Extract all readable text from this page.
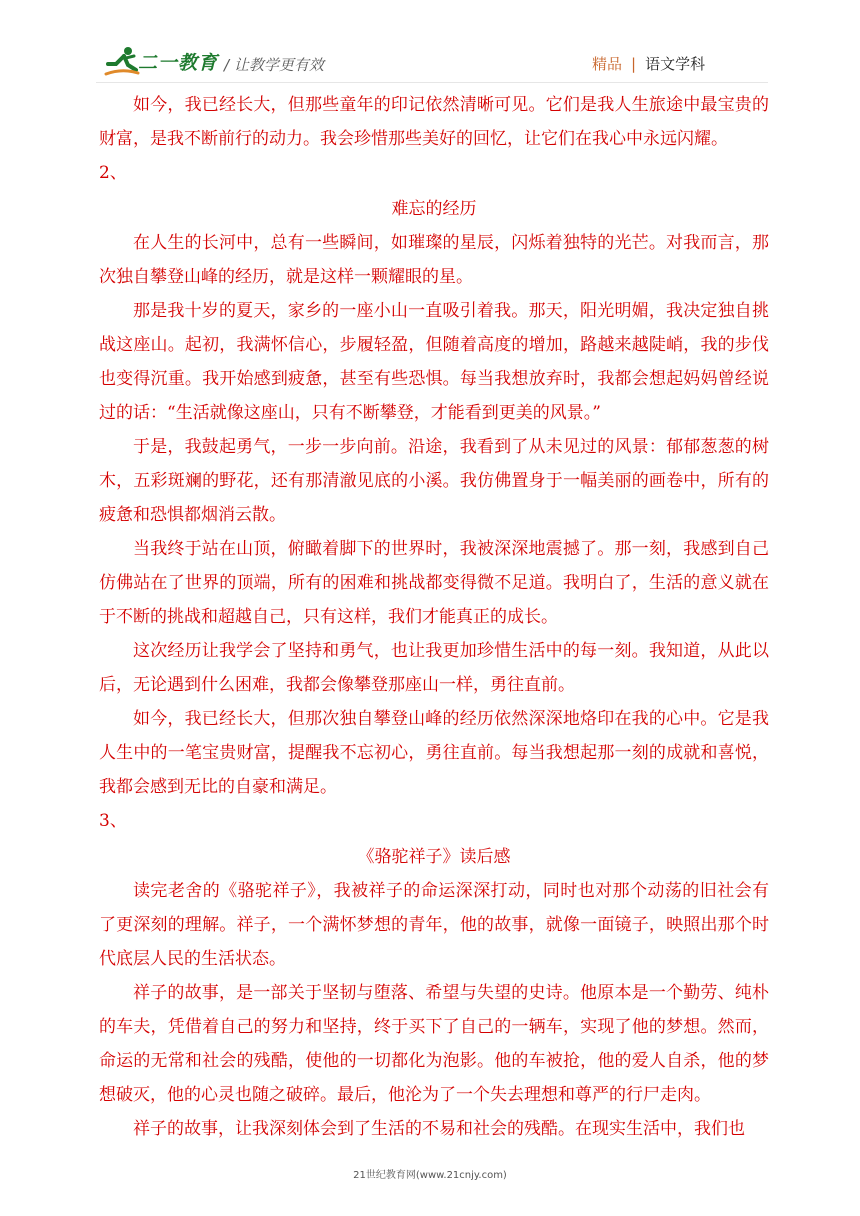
二一教育 / 让教学更有效	精品 | 语文学科

如今，我已经长大，但那些童年的印记依然清晰可见。它们是我人生旅途中最宝贵的财富，是我不断前行的动力。我会珍惜那些美好的回忆，让它们在我心中永远闪耀。

2、

难忘的经历

在人生的长河中，总有一些瞬间，如璀璨的星辰，闪烁着独特的光芒。对我而言，那次独自攀登山峰的经历，就是这样一颗耀眼的星。

那是我十岁的夏天，家乡的一座小山一直吸引着我。那天，阳光明媚，我决定独自挑战这座山。起初，我满怀信心，步履轻盈，但随着高度的增加，路越来越陡峭，我的步伐也变得沉重。我开始感到疲惫，甚至有些恐惧。每当我想放弃时，我都会想起妈妈曾经说过的话：“生活就像这座山，只有不断攀登，才能看到更美的风景。”

于是，我鼓起勇气，一步一步向前。沿途，我看到了从未见过的风景：郁郁葱葱的树木，五彩斑斓的野花，还有那清澈见底的小溪。我仿佛置身于一幅美丽的画卷中，所有的疲惫和恐惧都烟消云散。

当我终于站在山顶，俯瞰着脚下的世界时，我被深深地震撼了。那一刻，我感到自己仿佛站在了世界的顶端，所有的困难和挑战都变得微不足道。我明白了，生活的意义就在于不断的挑战和超越自己，只有这样，我们才能真正的成长。

这次经历让我学会了坚持和勇气，也让我更加珍惜生活中的每一刻。我知道，从此以后，无论遇到什么困难，我都会像攀登那座山一样，勇往直前。

如今，我已经长大，但那次独自攀登山峰的经历依然深深地烙印在我的心中。它是我人生中的一笔宝贵财富，提醒我不忘初心，勇往直前。每当我想起那一刻的成就和喜悦，我都会感到无比的自豪和满足。

3、

《骆驼祥子》读后感

读完老舍的《骆驼祥子》，我被祥子的命运深深打动，同时也对那个动荡的旧社会有了更深刻的理解。祥子，一个满怀梦想的青年，他的故事，就像一面镜子，映照出那个时代底层人民的生活状态。

祥子的故事，是一部关于坚韧与堕落、希望与失望的史诗。他原本是一个勤劳、纯朴的车夫，凭借着自己的努力和坚持，终于买下了自己的一辆车，实现了他的梦想。然而，命运的无常和社会的残酷，使他的一切都化为泡影。他的车被抢，他的爱人自杀，他的梦想破灭，他的心灵也随之破碎。最后，他沦为了一个失去理想和尊严的行尸走肉。

祥子的故事，让我深刻体会到了生活的不易和社会的残酷。在现实生活中，我们也

21世纪教育网(www.21cnjy.com)
